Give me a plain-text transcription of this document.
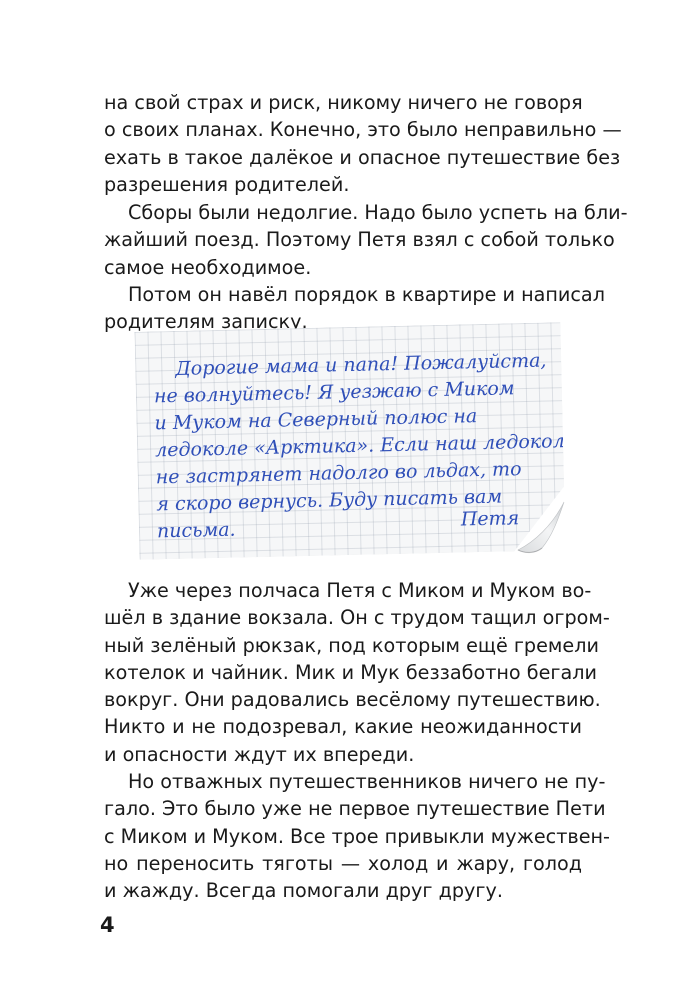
на свой страх и риск, никому ничего не говоря
о своих планах. Конечно, это было неправильно —
ехать в такое далёкое и опасное путешествие без
разрешения родителей.

Сборы были недолгие. Надо было успеть на бли-
жайший поезд. Поэтому Петя взял с собой только
самое необходимое.

Потом он навёл порядок в квартире и написал
родителям записку.

Дорогие мама и папа! Пожалуйста,
не волнуйтесь! Я уезжаю с Миком
и Муком на Северный полюс на
ледоколе «Арктика». Если наш ледокол
не застрянет надолго во льдах, то
я скоро вернусь. Буду писать вам
письма.	Петя

Уже через полчаса Петя с Миком и Муком во-
шёл в здание вокзала. Он с трудом тащил огром-
ный зелёный рюкзак, под которым ещё гремели
котелок и чайник. Мик и Мук беззаботно бегали
вокруг. Они радовались весёлому путешествию.
Никто и не подозревал, какие неожиданности
и опасности ждут их впереди.

Но отважных путешественников ничего не пу-
гало. Это было уже не первое путешествие Пети
с Миком и Муком. Все трое привыкли мужествен-
но переносить тяготы — холод и жару, голод
и жажду. Всегда помогали друг другу.

4
